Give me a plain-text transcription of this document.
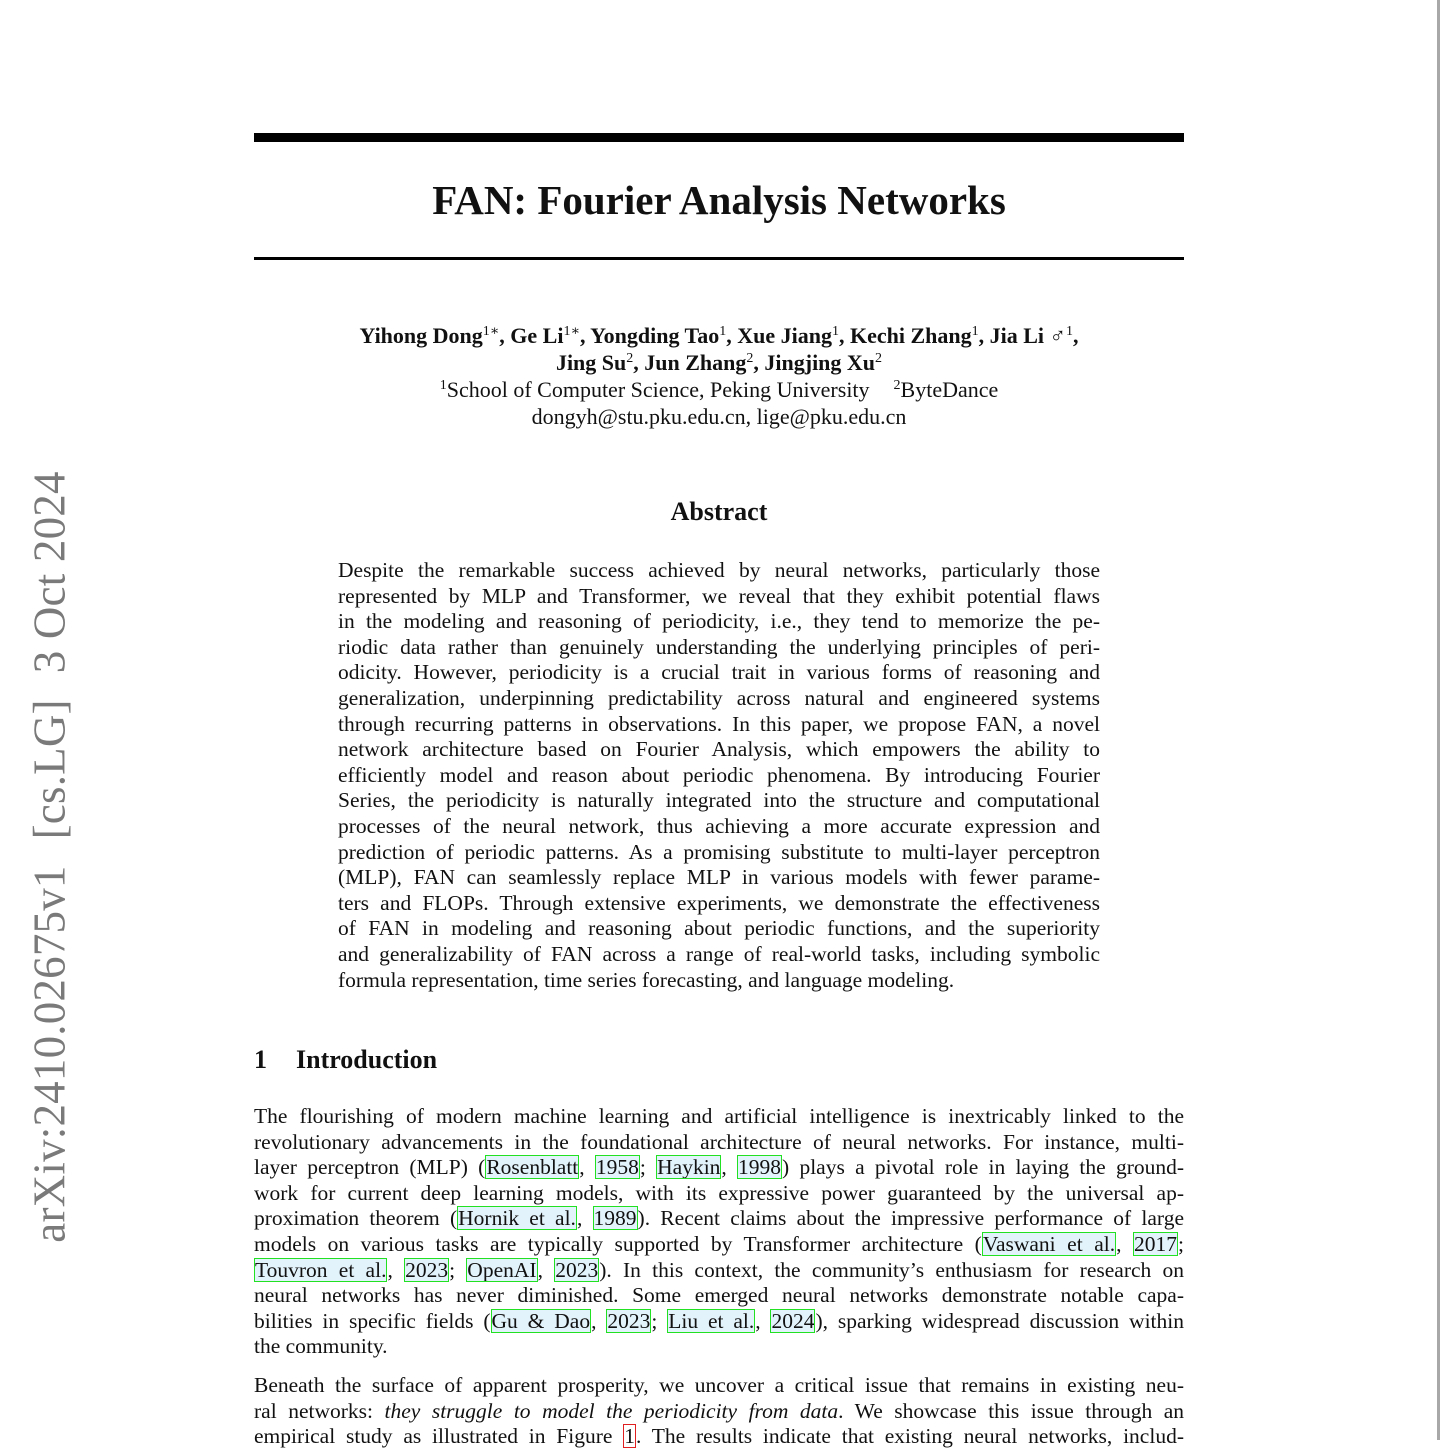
arXiv:2410.02675v1[cs.LG]3 Oct 2024
FAN: Fourier Analysis Networks
Yihong Dong$^{1∗}$, Ge $Li^{1∗}$, Yongding Tao$^1$, Xue Jiang$^1$, Kechi Zhang$^1$, Jia Li ♂$^1$,
Jing Su$^2$, Jun Zhang$^2$, Jingjing Xu$^2$
$^1$School of Computer Science, Peking University $^2$ByteDance
dongyh@stu.pku.edu.cn, lige@pku.edu.cn
Abstract
Despite the remarkable success achieved by neural networks, particularly those
represented by MLP and Transformer, we reveal that they exhibit potential flaws
in the modeling and reasoning of periodicity, i.e., they tend to memorize the pe-
riodic data rather than genuinely understanding the underlying principles of peri-
odicity. However, periodicity is a crucial trait in various forms of reasoning and
generalization, underpinning predictability across natural and engineered systems
through recurring patterns in observations. In this paper, we propose FAN, a novel
network architecture based on Fourier Analysis, which empowers the ability to
efficiently model and reason about periodic phenomena. By introducing Fourier
Series, the periodicity is naturally integrated into the structure and computational
processes of the neural network, thus achieving a more accurate expression and
prediction of periodic patterns. As a promising substitute to multi-layer perceptron
(MLP), FAN can seamlessly replace MLP in various models with fewer parame-
ters and FLOPs. Through extensive experiments, we demonstrate the effectiveness
of FAN in modeling and reasoning about periodic functions, and the superiority
and generalizability of FAN across a range of real-world tasks, including symbolic
formula representation, time series forecasting, and language modeling.
1 Introduction
The flourishing of modern machine learning and artificial intelligence is inextricably linked to the
revolutionary advancements in the foundational architecture of neural networks. For instance, multi-
layer perceptron (MLP) (Rosenblatt, 1958; Haykin, 1998) plays a pivotal role in laying the ground-
work for current deep learning models, with its expressive power guaranteed by the universal ap-
proximation theorem (Hornik et al., 1989). Recent claims about the impressive performance of large
models on various tasks are typically supported by Transformer architecture (Vaswani et al., 2017;
Touvron et al., 2023; OpenAI, 2023). In this context, the community’s enthusiasm for research on
neural networks has never diminished. Some emerged neural networks demonstrate notable capa-
bilities in specific fields (Gu & Dao, 2023; Liu et al., 2024), sparking widespread discussion within
the community.
Beneath the surface of apparent prosperity, we uncover a critical issue that remains in existing neu-
ral networks: they struggle to model the periodicity from data. We showcase this issue through an
empirical study as illustrated in Figure 1. The results indicate that existing neural networks, includ-
